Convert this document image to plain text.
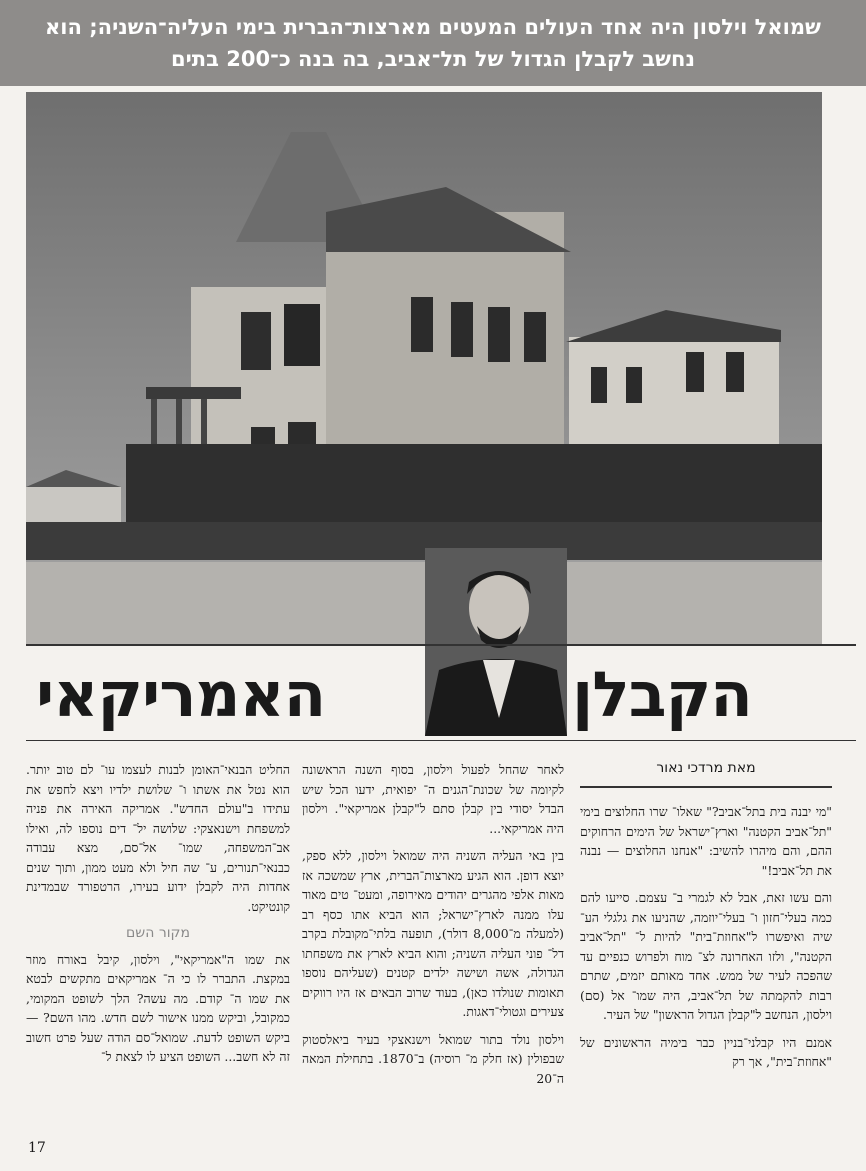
שמואל וילסון היה אחד העולים המעטים מארצות־הברית בימי העליה־השניה; הוא
נחשב לקבלן הגדול של תל־אביב, בה בנה כ־200 בתים
הקבלן
האמריקאי
מאת מרדכי נאור

"מי יבנה בית בתל־אביב?" שאלו־ שרו החלוצים בימי "תל־אביב הקטנה" וארץ־ישראל של הימים הרחוקים ההם, והם מיהרו להשיב: "אנחנו החלוצים — נבנה את תל־אביב!"

והם עשו זאת, אבל לא לגמרי ב־ עצמם. סייעו להם כמה בעלי־חזון ו־ בעלי־יוזמה, שהניעו את גלגלי הע־ שיה ואיפשרו ל"אחוזת־בית" להיות ל־ "תל־אביב הקטנה", ולזו האחרונה לצ־ מוח ולפרוש כנפיים עד שהפכה לעיר של ממש. אחד מאותם יזמים, שתרם רבות להקמתה של תל־אביב, היה שמו־ אל (סם) וילסון, הנחשב ל"קבלן הגדול הראשון" של העיר.

אמנם היו קבלני־בניין כבר בימיה הראשונים של "אחוזת־בית", אך רק

לאחר שהחל לפעול וילסון, בסוף השנה הראשונה לקיומה של שכונת־הגנים ה־ יפואית, ידעו הכל שיש הבדל יסודי בין קבלן סתם ל"קבלן אמריקאי". וילסון היה אמריקאי...

בין באי העליה השניה היה שמואל וילסון, ללא ספק, יוצא דופן. הוא הגיע מארצות־הברית, ארץ שמשכה אז מאות אלפי מהגרים יהודים מאירופה, ומעט־ טים מאוד עלו ממנה לארץ־ישראל; הוא הביא אתו כסף רב (למעלה מ־8,000 דולר), תופעה בלתי־מקובלת בקרב דל־ פוני העליה השניה; והוא הביא לארץ את משפחתו הגדולה, אשה ושישה ילדים קטנים (שעליהם נוספו תאומות שנולדו כאן), בעוד שרוב הבאים אז היו רווקים צעירים וגטולי־דאגות.

וילסון נולד בתור שמואל וישנאצקי בעיר ביאלסטוק שבפולין (אז חלק מ־ רוסיה) ב־1870. בתחילת המאה ה־20

החליט הבנאי־האומן לבנות לעצמו עו־ לם טוב יותר. הוא נטל את אשתו ו־ שלושת ילדיו ויצא לחפש את עתידו ב"עולם החדש". אמריקה האירה את פניה למשפחת וישנאצקי: שלושה יל־ דים נוספו לה, ואילו אב־המשפחה, שמו־ אל־סם, מצא עבודה כבנאי־תנורים, ע־ שה חיל ולא מעט ממון, ותוך שנים אחדות היה לקבלן ידוע בעירו, הרטפורד שבמדינת קונטיקט.

מקור השם

את שמו ה"אמריקאי", וילסון, קיבל באורח מוזר במקצת. התברר לו כי ה־ אמריקאים מתקשים לבטא את שמו ה־ קודם. מה עשה? הלך לשופט המקומי, כמקובל, וביקש ממנו אישור לשם חדש. מהו השם? — ביקש השופט לדעת. שמואל־סם הודה שעל פרט חשוב זה לא חשב... השופט הציע לו לצאת ל־

17
